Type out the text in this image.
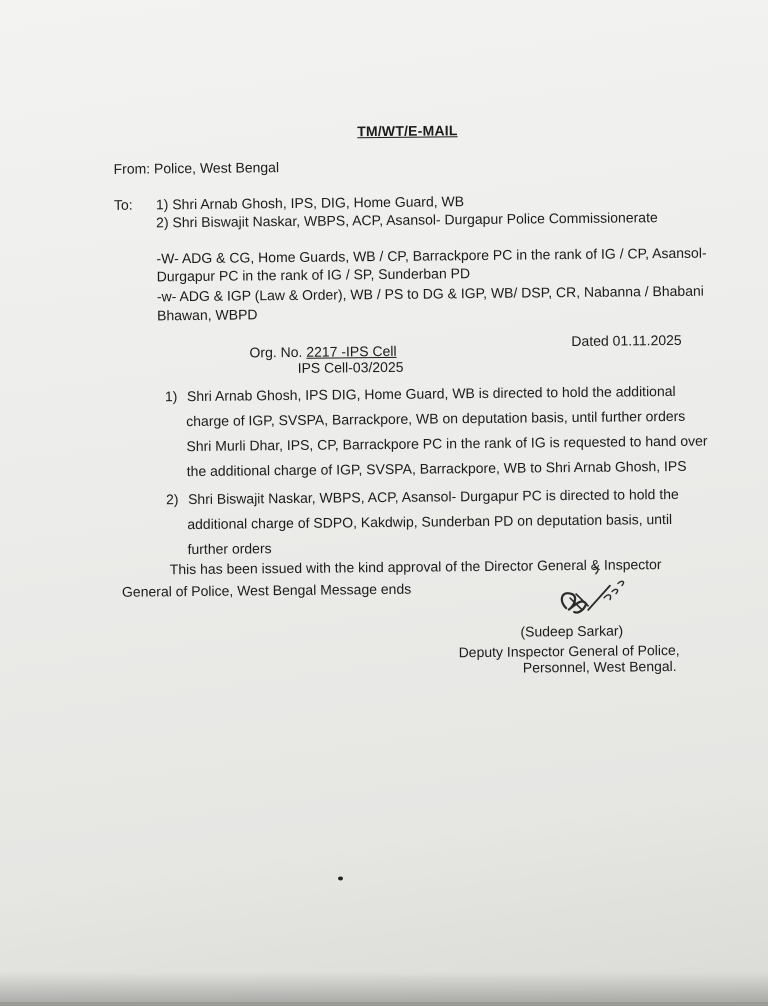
TM/WT/E-MAIL
From: Police, West Bengal
To: 1) Shri Arnab Ghosh, IPS, DIG, Home Guard, WB
2) Shri Biswajit Naskar, WBPS, ACP, Asansol- Durgapur Police Commissionerate
-W- ADG & CG, Home Guards, WB / CP, Barrackpore PC in the rank of IG / CP, Asansol-
Durgapur PC in the rank of IG / SP, Sunderban PD
-w- ADG & IGP (Law & Order), WB / PS to DG & IGP, WB/ DSP, CR, Nabanna / Bhabani
Bhawan, WBPD
Org. No. 2217 -IPS Cell
IPS Cell-03/2025
Dated 01.11.2025
1) Shri Arnab Ghosh, IPS DIG, Home Guard, WB is directed to hold the additional
charge of IGP, SVSPA, Barrackpore, WB on deputation basis, until further orders
Shri Murli Dhar, IPS, CP, Barrackpore PC in the rank of IG is requested to hand over
the additional charge of IGP, SVSPA, Barrackpore, WB to Shri Arnab Ghosh, IPS
2) Shri Biswajit Naskar, WBPS, ACP, Asansol- Durgapur PC is directed to hold the
additional charge of SDPO, Kakdwip, Sunderban PD on deputation basis, until
further orders
This has been issued with the kind approval of the Director General & Inspector
General of Police, West Bengal Message ends
(Sudeep Sarkar)
Deputy Inspector General of Police,
Personnel, West Bengal.
